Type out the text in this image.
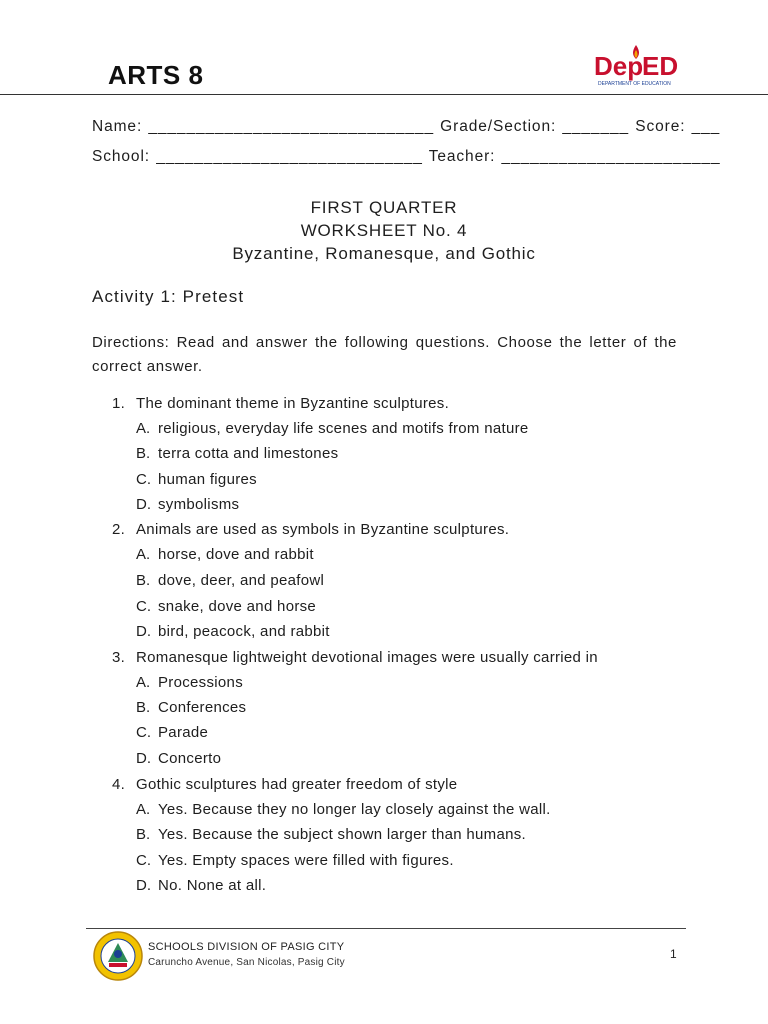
ARTS 8	Dep
ED
DEPARTMENT OF EDUCATION
Name: ______________________________ Grade/Section: _______ Score: ___
School: ____________________________ Teacher: _______________________
FIRST QUARTER
WORKSHEET No. 4
Byzantine, Romanesque, and Gothic
Activity 1: Pretest
Directions: Read and answer the following questions. Choose the letter of the correct answer.
1. The dominant theme in Byzantine sculptures.
A. religious, everyday life scenes and motifs from nature
B. terra cotta and limestones
C. human figures
D. symbolisms
2. Animals are used as symbols in Byzantine sculptures.
A. horse, dove and rabbit
B. dove, deer, and peafowl
C. snake, dove and horse
D. bird, peacock, and rabbit
3. Romanesque lightweight devotional images were usually carried in
A. Processions
B. Conferences
C. Parade
D. Concerto
4. Gothic sculptures had greater freedom of style
A. Yes. Because they no longer lay closely against the wall.
B. Yes. Because the subject shown larger than humans.
C. Yes. Empty spaces were filled with figures.
D. No. None at all.
SCHOOLS DIVISION OF PASIG CITY
Caruncho Avenue, San Nicolas, Pasig City
1
